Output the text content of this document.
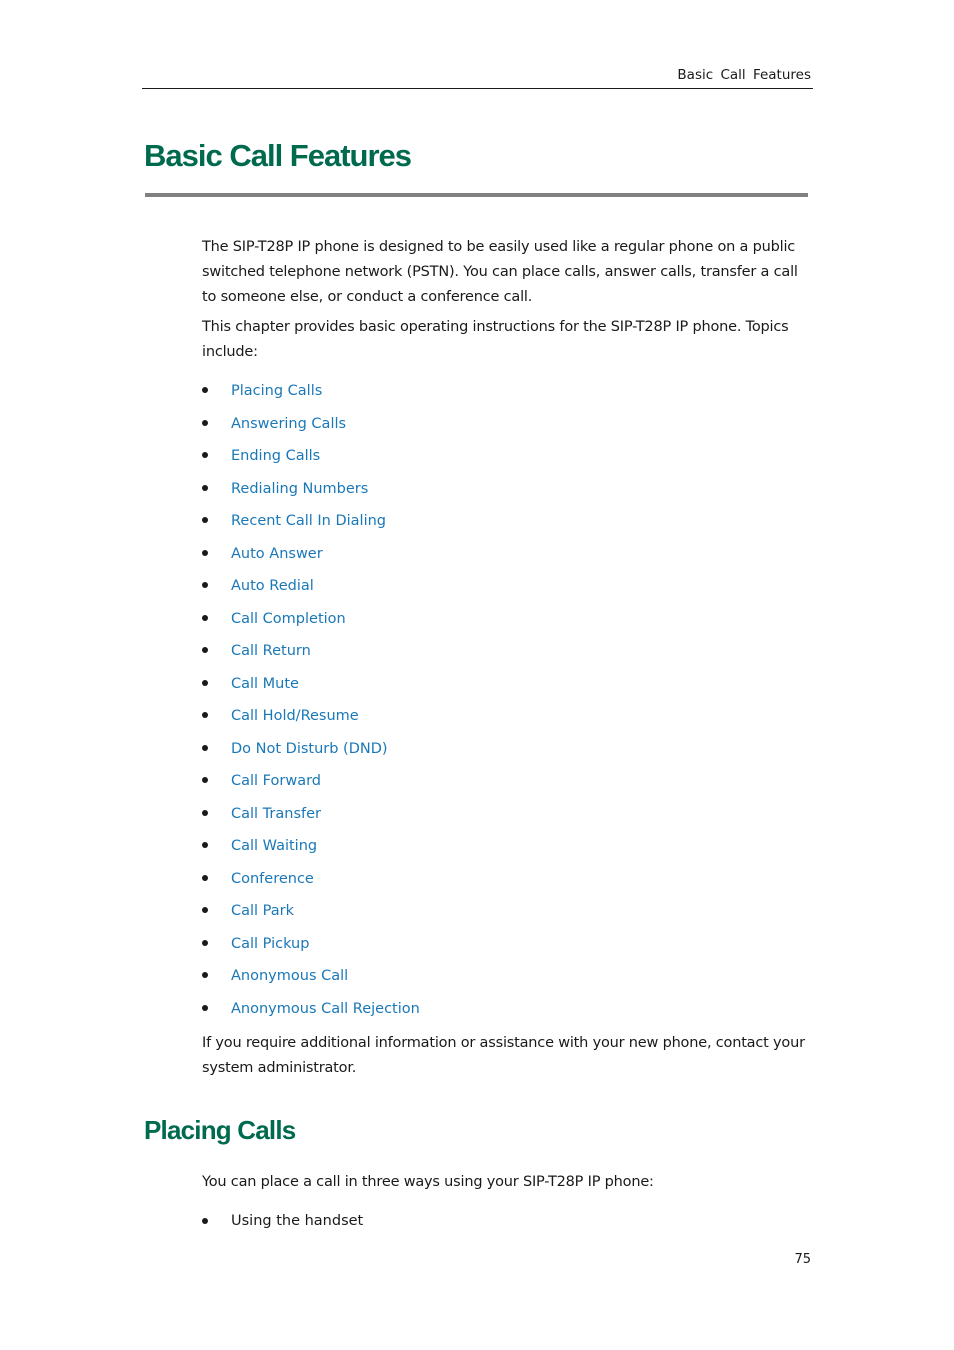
Basic Call Features
Basic Call Features

The SIP-T28P IP phone is designed to be easily used like a regular phone on a public switched telephone network (PSTN). You can place calls, answer calls, transfer a call to someone else, or conduct a conference call.

This chapter provides basic operating instructions for the SIP-T28P IP phone. Topics include:

Placing Calls
Answering Calls
Ending Calls
Redialing Numbers
Recent Call In Dialing
Auto Answer
Auto Redial
Call Completion
Call Return
Call Mute
Call Hold/Resume
Do Not Disturb (DND)
Call Forward
Call Transfer
Call Waiting
Conference
Call Park
Call Pickup
Anonymous Call
Anonymous Call Rejection

If you require additional information or assistance with your new phone, contact your system administrator.

Placing Calls

You can place a call in three ways using your SIP-T28P IP phone:

Using the handset
75
